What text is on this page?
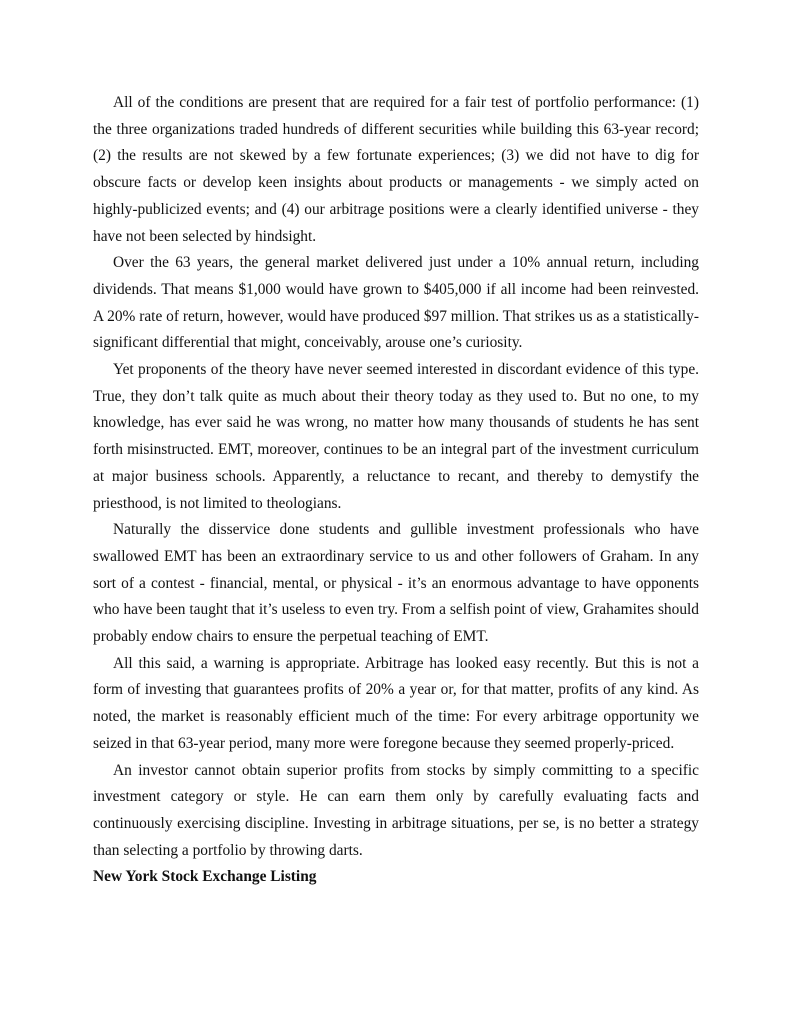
All of the conditions are present that are required for a fair test of portfolio performance: (1) the three organizations traded hundreds of different securities while building this 63-year record; (2) the results are not skewed by a few fortunate experiences; (3) we did not have to dig for obscure facts or develop keen insights about products or managements - we simply acted on highly-publicized events; and (4) our arbitrage positions were a clearly identified universe - they have not been selected by hindsight.

Over the 63 years, the general market delivered just under a 10% annual return, including dividends. That means $1,000 would have grown to $405,000 if all income had been reinvested. A 20% rate of return, however, would have produced $97 million. That strikes us as a statistically-significant differential that might, conceivably, arouse one’s curiosity.

Yet proponents of the theory have never seemed interested in discordant evidence of this type. True, they don’t talk quite as much about their theory today as they used to. But no one, to my knowledge, has ever said he was wrong, no matter how many thousands of students he has sent forth misinstructed. EMT, moreover, continues to be an integral part of the investment curriculum at major business schools. Apparently, a reluctance to recant, and thereby to demystify the priesthood, is not limited to theologians.

Naturally the disservice done students and gullible investment professionals who have swallowed EMT has been an extraordinary service to us and other followers of Graham. In any sort of a contest - financial, mental, or physical - it’s an enormous advantage to have opponents who have been taught that it’s useless to even try. From a selfish point of view, Grahamites should probably endow chairs to ensure the perpetual teaching of EMT.

All this said, a warning is appropriate. Arbitrage has looked easy recently. But this is not a form of investing that guarantees profits of 20% a year or, for that matter, profits of any kind. As noted, the market is reasonably efficient much of the time: For every arbitrage opportunity we seized in that 63-year period, many more were foregone because they seemed properly-priced.

An investor cannot obtain superior profits from stocks by simply committing to a specific investment category or style. He can earn them only by carefully evaluating facts and continuously exercising discipline. Investing in arbitrage situations, per se, is no better a strategy than selecting a portfolio by throwing darts.

New York Stock Exchange Listing
